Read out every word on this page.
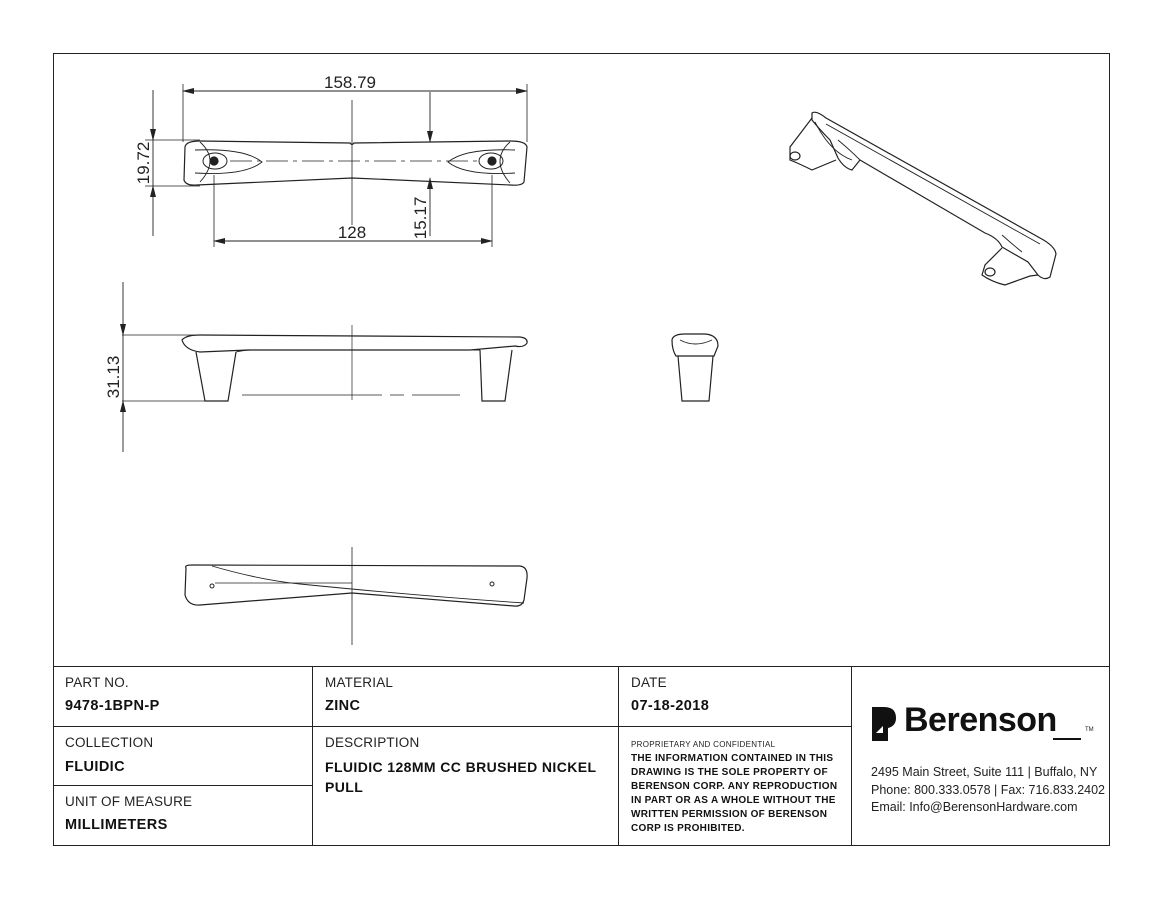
158.79
128
19.72
15.17
31.13
PART NO.
9478-1BPN-P
MATERIAL
ZINC
DATE
07-18-2018
COLLECTION
FLUIDIC
UNIT OF MEASURE
MILLIMETERS
DESCRIPTION
FLUIDIC 128MM CC BRUSHED NICKEL
PULL
PROPRIETARY AND CONFIDENTIAL
THE INFORMATION CONTAINED IN THIS
DRAWING IS THE SOLE PROPERTY OF
BERENSON CORP. ANY REPRODUCTION
IN PART OR AS A WHOLE WITHOUT THE
WRITTEN PERMISSION OF BERENSON
CORP IS PROHIBITED.
Berenson	TM
2495 Main Street, Suite 111 | Buffalo, NY
Phone: 800.333.0578 | Fax: 716.833.2402
Email: Info@BerensonHardware.com
